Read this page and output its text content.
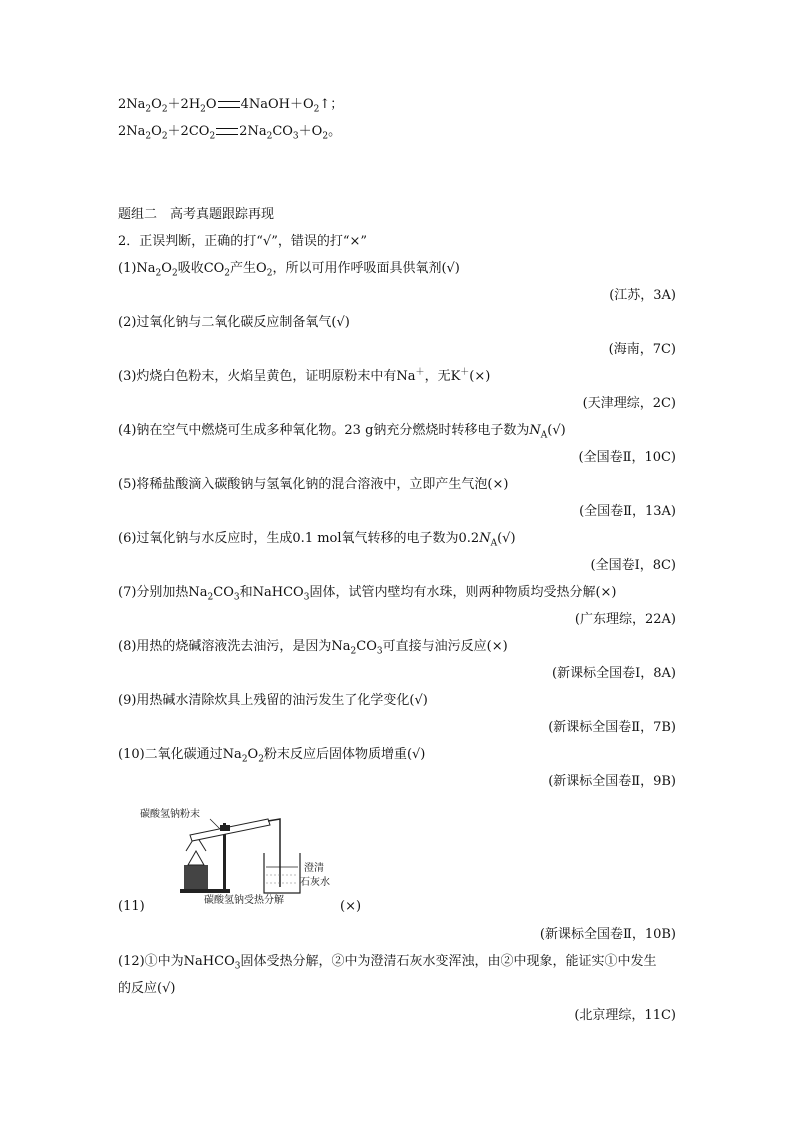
$2Na_2O_2+2H_2O$ $4NaOH+O_2↑$；
$2Na_2O_2+2CO_2$ $2Na_2CO_3+O_2$。
题组二　高考真题跟踪再现
2．正误判断，正确的打“√”，错误的打“×”
$(1)Na_2O_2$吸收$CO_2$产生$O_2$，所以可用作呼吸面具供氧剂(√)
(江苏，3A)
(2)过氧化钠与二氧化碳反应制备氧气(√)
(海南，7C)
(3)灼烧白色粉末，火焰呈黄色，证明原粉末中有Na＋，无K＋(×)
(天津理综，2C)
(4)钠在空气中燃烧可生成多种氧化物。23 g钠充分燃烧时转移电子数为$N_A(√)$
(全国卷Ⅱ，10C)
(5)将稀盐酸滴入碳酸钠与氢氧化钠的混合溶液中，立即产生气泡(×)
(全国卷Ⅱ，13A)
(6)过氧化钠与水反应时，生成0.1 mol氧气转移的电子数为$0.2N_A(√)$
(全国卷Ⅰ，8C)
(7)分别加热$Na_2CO_3$和NaHCO$_3$固体，试管内壁均有水珠，则两种物质均受热分解(×)
(广东理综，22A)
(8)用热的烧碱溶液洗去油污，是因为$Na_2CO_3$可直接与油污反应(×)
(新课标全国卷Ⅰ，8A)
(9)用热碱水清除炊具上残留的油污发生了化学变化(√)
(新课标全国卷Ⅱ，7B)
(10)二氧化碳通过$Na_2O_2$粉末反应后固体物质增重(√)
(新课标全国卷Ⅱ，9B)
(11)
碳酸氢钠粉末
澄清
石灰水
碳酸氢钠受热分解	(×)
(新课标全国卷Ⅱ，10B)
(12)①中为NaHCO$_3$固体受热分解，②中为澄清石灰水变浑浊，由②中现象，能证实①中发生
的反应(√)
(北京理综，11C)
